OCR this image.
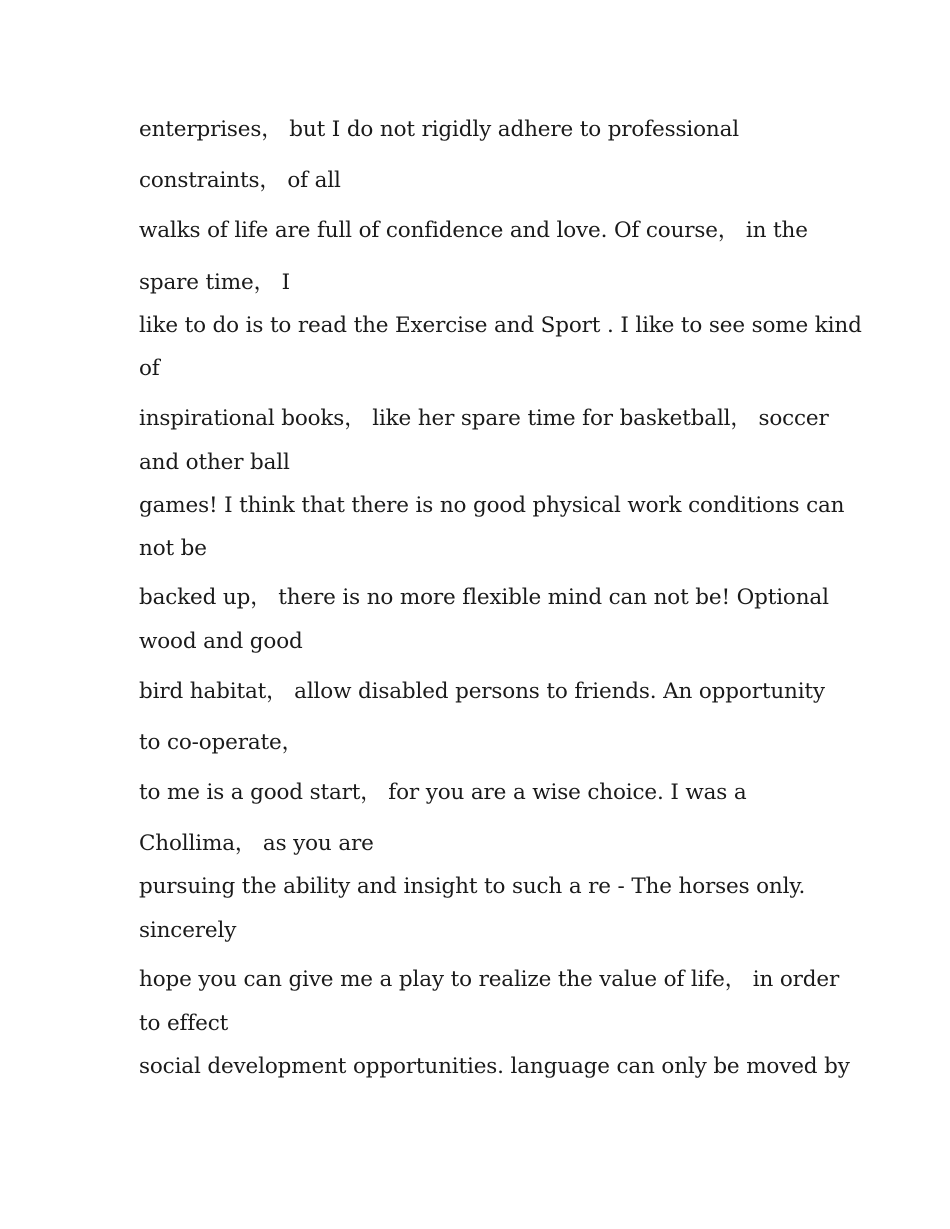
enterprises， but I do not rigidly adhere to professional
constraints， of all
walks of life are full of confidence and love. Of course， in the
spare time， I
like to do is to read the Exercise and Sport . I like to see some kind
of
inspirational books， like her spare time for basketball， soccer
and other ball
games! I think that there is no good physical work conditions can
not be
backed up， there is no more flexible mind can not be! Optional
wood and good
bird habitat， allow disabled persons to friends. An opportunity
to co-operate，
to me is a good start， for you are a wise choice. I was a
Chollima， as you are
pursuing the ability and insight to such a re - The horses only.
sincerely
hope you can give me a play to realize the value of life， in order
to effect
social development opportunities. language can only be moved by
